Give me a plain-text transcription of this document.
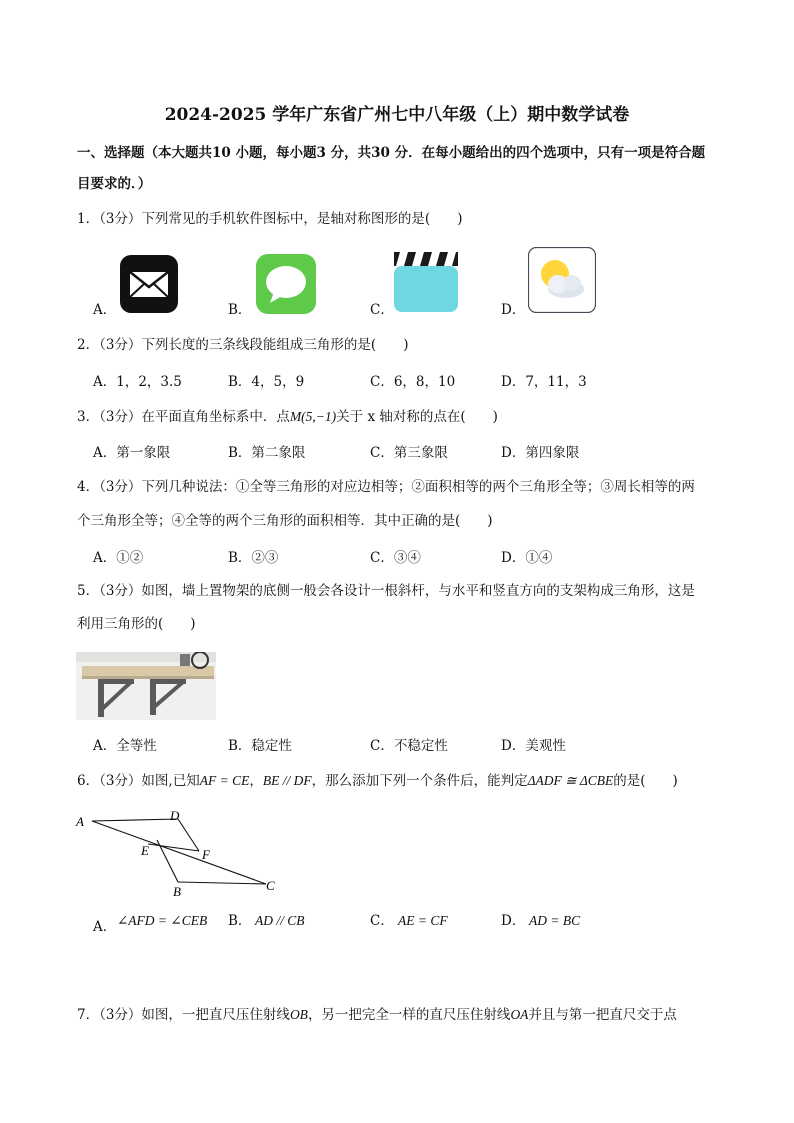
2024-2025 学年广东省广州七中八年级（上）期中数学试卷
一、选择题（本大题共10 小题，每小题3 分，共30 分．在每小题给出的四个选项中，只有一项是符合题
目要求的．）
1．（3分）下列常见的手机软件图标中，是轴对称图形的是(　　)
A．	B．	C．	D．
2．（3分）下列长度的三条线段能组成三角形的是(　　)
A．1，2，3.5	B．4，5，9	C．6，8，10	D．7，11，3
3．（3分）在平面直角坐标系中．点M(5,−1)关于 x 轴对称的点在(　　)
A．第一象限	B．第二象限	C．第三象限	D．第四象限
4．（3分）下列几种说法：①全等三角形的对应边相等；②面积相等的两个三角形全等；③周长相等的两
个三角形全等；④全等的两个三角形的面积相等．其中正确的是(　　)
A．①②	B．②③	C．③④	D．①④
5．（3分）如图，墙上置物架的底侧一般会各设计一根斜杆，与水平和竖直方向的支架构成三角形，这是
利用三角形的(　　)
A．全等性	B．稳定性	C．不稳定性	D．美观性
6．（3分）如图,已知AF = CE，BE // DF，那么添加下列一个条件后，能判定ΔADF ≅ ΔCBE的是(　　)
A	D
E	F
B	C
A． ∠AFD = ∠CEB B． AD // CB	C． AE = CF	D． AD = BC
7．（3分）如图，一把直尺压住射线OB，另一把完全一样的直尺压住射线OA并且与第一把直尺交于点
